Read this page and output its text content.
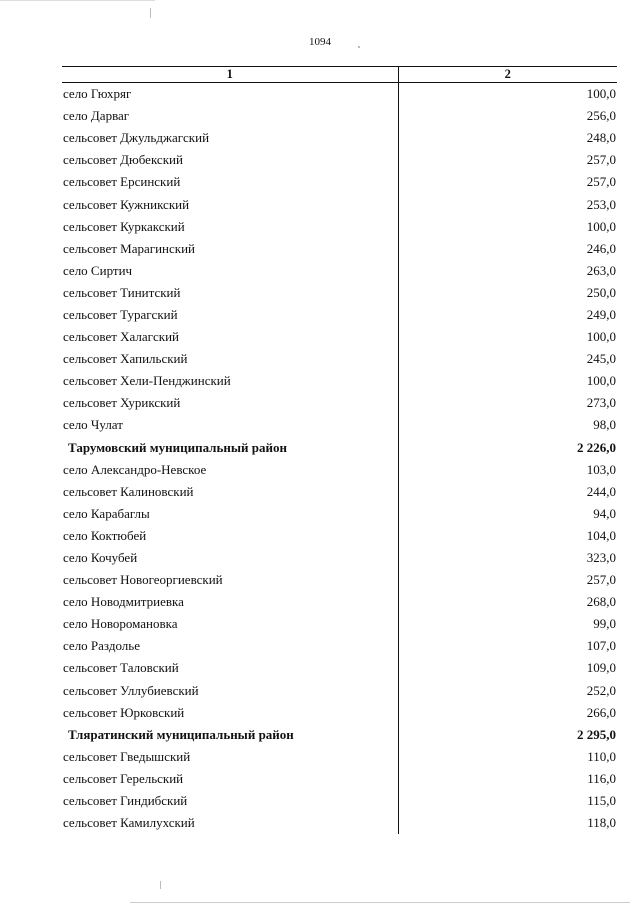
1094
1	2
село Гюхряг	100,0
село Дарваг	256,0
сельсовет Джульджагский	248,0
сельсовет Дюбекский	257,0
сельсовет Ерсинский	257,0
сельсовет Кужникский	253,0
сельсовет Куркакский	100,0
сельсовет Марагинский	246,0
село Сиртич	263,0
сельсовет Тинитский	250,0
сельсовет Турагский	249,0
сельсовет Халагский	100,0
сельсовет Хапильский	245,0
сельсовет Хели-Пенджинский	100,0
сельсовет Хурикский	273,0
село Чулат	98,0
Тарумовский муниципальный район	2 226,0
село Александро-Невское	103,0
сельсовет Калиновский	244,0
село Карабаглы	94,0
село Коктюбей	104,0
село Кочубей	323,0
сельсовет Новогеоргиевский	257,0
село Новодмитриевка	268,0
село Новоромановка	99,0
село Раздолье	107,0
сельсовет Таловский	109,0
сельсовет Уллубиевский	252,0
сельсовет Юрковский	266,0
Тляратинский муниципальный район	2 295,0
сельсовет Гведышский	110,0
сельсовет Герельский	116,0
сельсовет Гиндибский	115,0
сельсовет Камилухский	118,0
